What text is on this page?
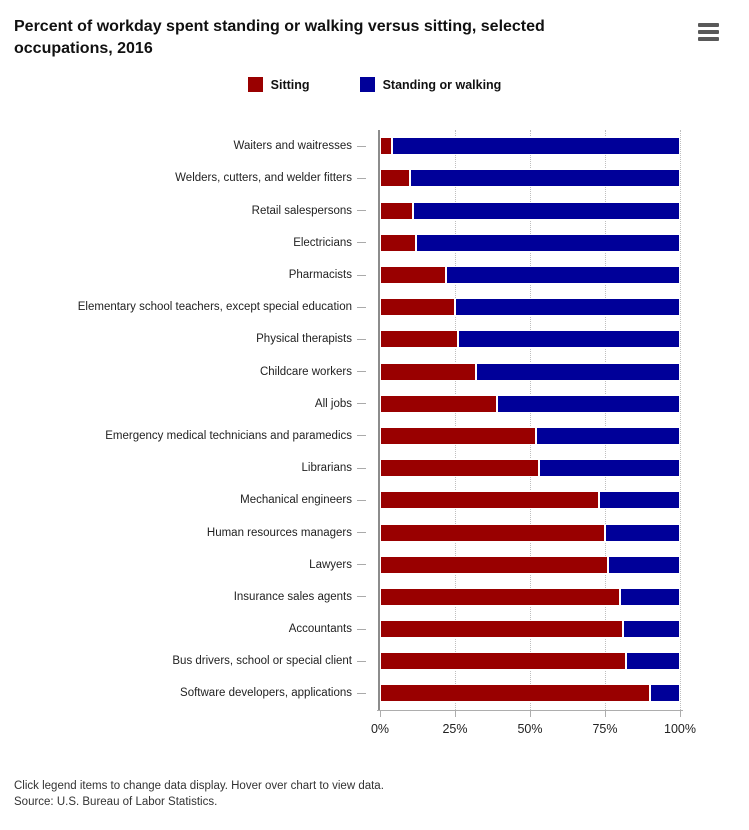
Percent of workday spent standing or walking versus sitting, selected occupations, 2016
Sitting	Standing or walking
Waiters and waitresses
Welders, cutters, and welder fitters
Retail salespersons
Electricians
Pharmacists
Elementary school teachers, except special education
Physical therapists
Childcare workers
All jobs
Emergency medical technicians and paramedics
Librarians
Mechanical engineers
Human resources managers
Lawyers
Insurance sales agents
Accountants
Bus drivers, school or special client
Software developers, applications
0%	25%	50%	75%	100%
Click legend items to change data display. Hover over chart to view data.
Source: U.S. Bureau of Labor Statistics.
